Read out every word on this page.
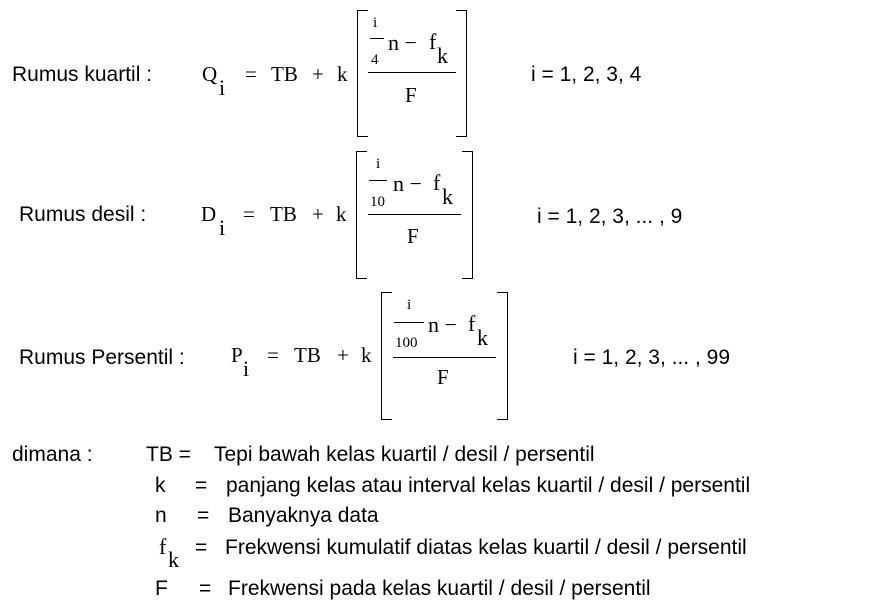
Rumus kuartil : Q
i
= TB + k
i
4
n − f
k
F
i = 1, 2, 3, 4
Rumus desil :	D
i
= TB + k
i
10
n − f
k
F
i = 1, 2, 3, ... , 9
Rumus Persentil : P
i
= TB + k
i
100
n − f
k
F
i = 1, 2, 3, ... , 99
dimana :	TB = Tepi bawah kelas kuartil / desil / persentil
k = panjang kelas atau interval kelas kuartil / desil / persentil
n = Banyaknya data
f
k = Frekwensi kumulatif diatas kelas kuartil / desil / persentil
F = Frekwensi pada kelas kuartil / desil / persentil
